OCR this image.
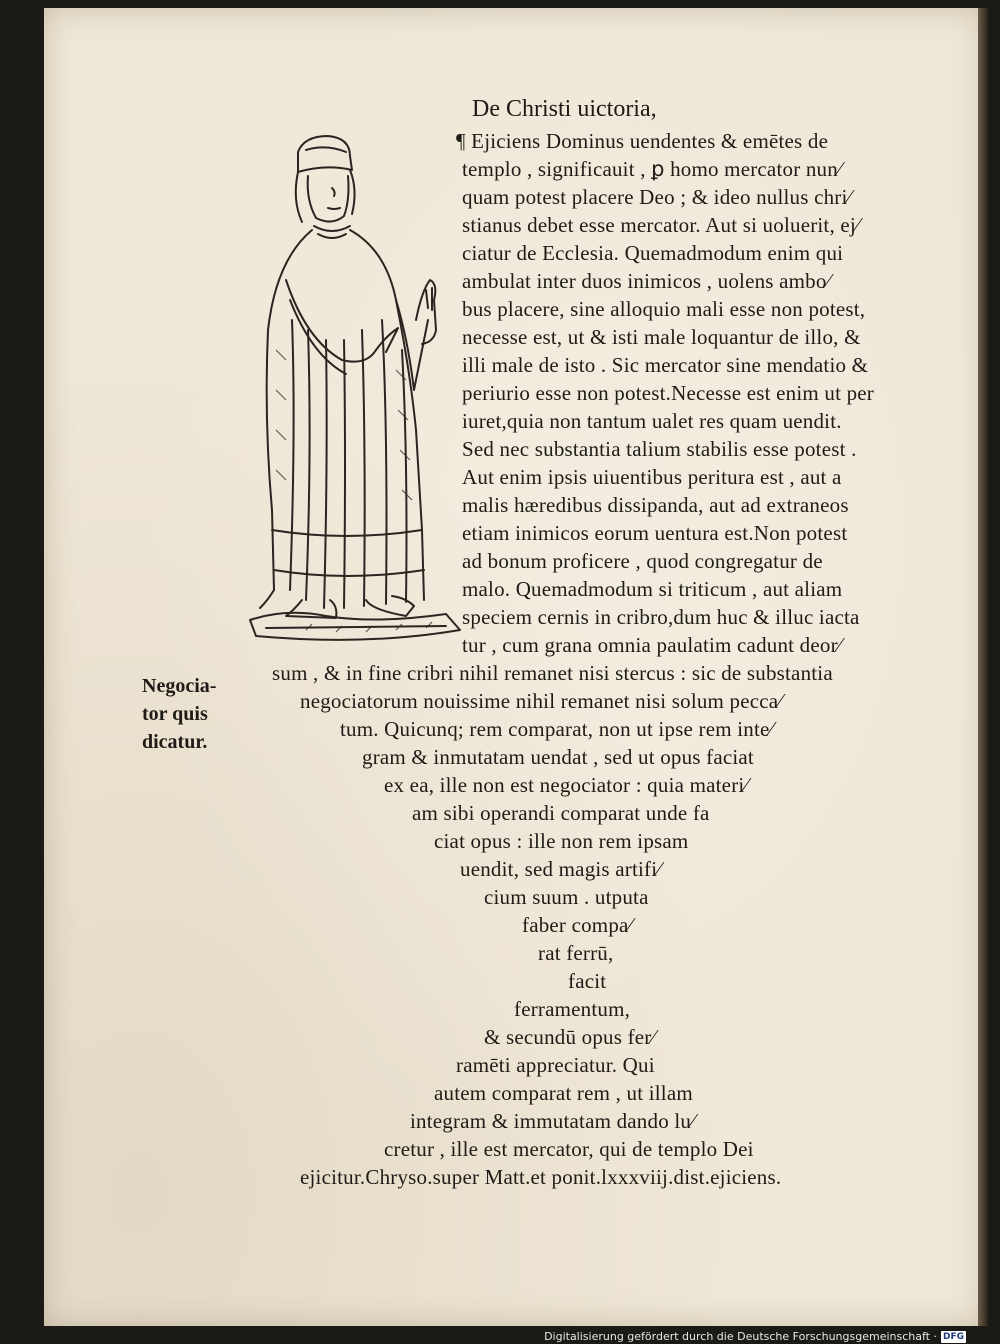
De Christi uictoria,
¶ Ejiciens Dominus uendentes & emētes de
templo , significauit , ꝑ homo mercator nun⁄
quam potest placere Deo ; & ideo nullus chri⁄
stianus debet esse mercator. Aut si uoluerit, ej⁄
ciatur de Ecclesia. Quemadmodum enim qui
ambulat inter duos inimicos , uolens ambo⁄
bus placere, sine alloquio mali esse non potest,
necesse est, ut & isti male loquantur de illo, &
illi male de isto . Sic mercator sine mendatio &
periurio esse non potest.Necesse est enim ut per
iuret,quia non tantum ualet res quam uendit.
Sed nec substantia talium stabilis esse potest .
Aut enim ipsis uiuentibus peritura est , aut a
malis hæredibus dissipanda, aut ad extraneos
etiam inimicos eorum uentura est.Non potest
ad bonum proficere , quod congregatur de
malo. Quemadmodum si triticum , aut aliam
speciem cernis in cribro,dum huc & illuc iacta
tur , cum grana omnia paulatim cadunt deor⁄
sum , & in fine cribri nihil remanet nisi stercus : sic de substantia
negociatorum nouissime nihil remanet nisi solum pecca⁄
tum. Quicunq; rem comparat, non ut ipse rem inte⁄
gram & inmutatam uendat , sed ut opus faciat
ex ea, ille non est negociator : quia materi⁄
am sibi operandi comparat unde fa
ciat opus : ille non rem ipsam
uendit, sed magis artifi⁄
cium suum . utputa
faber compa⁄
rat ferrū,
facit
ferramentum,
& secundū opus fer⁄
ramēti appreciatur. Qui
autem comparat rem , ut illam
integram & immutatam dando lu⁄
cretur , ille est mercator, qui de templo Dei
ejicitur.Chryso.super Matt.et ponit.lxxxviij.dist.ejiciens.
Negocia-
tor quis
dicatur.
Digitalisierung gefördert durch die Deutsche Forschungsgemeinschaft · DFG
